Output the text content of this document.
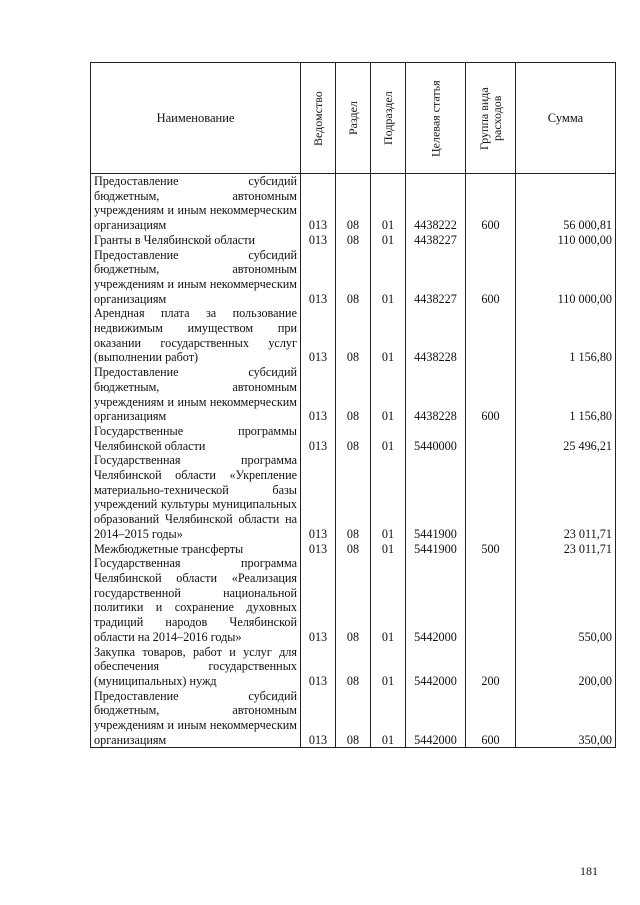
Наименование	Ведомство	Раздел	Подраздел	Целевая статья	Группа вида расходов	Сумма
Предоставление субсидий бюджетным, автономным учреждениям и иным некоммерческим организациям	013	08	01	4438222	600	56 000,81
Гранты в Челябинской области	013	08	01	4438227		110 000,00
Предоставление субсидий бюджетным, автономным учреждениям и иным некоммерческим организациям	013	08	01	4438227	600	110 000,00
Арендная плата за пользование недвижимым имуществом при оказании государственных услуг (выполнении работ)	013	08	01	4438228		1 156,80
Предоставление субсидий бюджетным, автономным учреждениям и иным некоммерческим организациям	013	08	01	4438228	600	1 156,80
Государственные программы Челябинской области	013	08	01	5440000		25 496,21
Государственная программа Челябинской области «Укрепление материально-технической базы учреждений культуры муниципальных образований Челябинской области на 2014–2015 годы»	013	08	01	5441900		23 011,71
Межбюджетные трансферты	013	08	01	5441900	500	23 011,71
Государственная программа Челябинской области «Реализация государственной национальной политики и сохранение духовных традиций народов Челябинской области на 2014–2016 годы»	013	08	01	5442000		550,00
Закупка товаров, работ и услуг для обеспечения государственных (муниципальных) нужд	013	08	01	5442000	200	200,00
Предоставление субсидий бюджетным, автономным учреждениям и иным некоммерческим организациям	013	08	01	5442000	600	350,00
181
